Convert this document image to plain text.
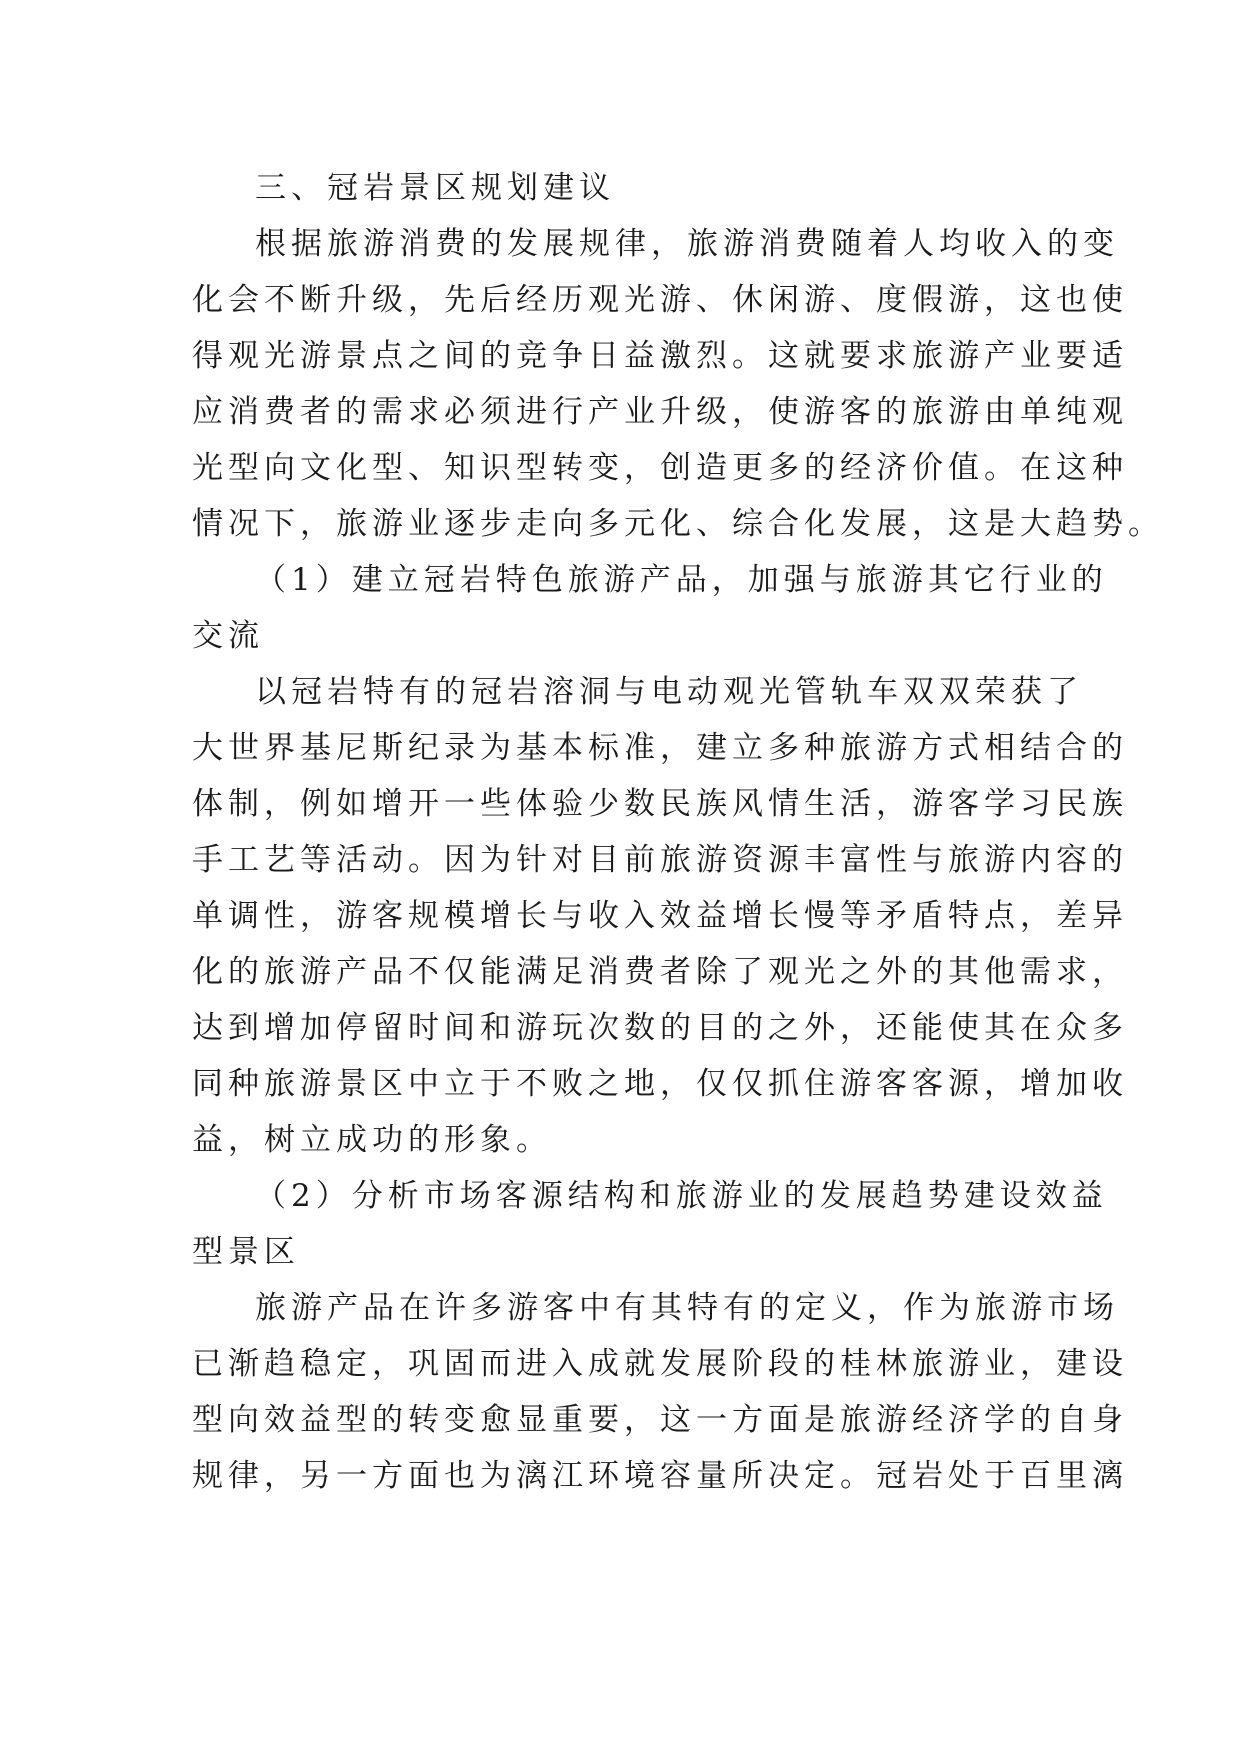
三、冠岩景区规划建议
根据旅游消费的发展规律，旅游消费随着人均收入的变
化会不断升级，先后经历观光游、休闲游、度假游，这也使
得观光游景点之间的竞争日益激烈。这就要求旅游产业要适
应消费者的需求必须进行产业升级，使游客的旅游由单纯观
光型向文化型、知识型转变，创造更多的经济价值。在这种
情况下，旅游业逐步走向多元化、综合化发展，这是大趋势。
（1）建立冠岩特色旅游产品，加强与旅游其它行业的
交流
以冠岩特有的冠岩溶洞与电动观光管轨车双双荣获了
大世界基尼斯纪录为基本标准，建立多种旅游方式相结合的
体制，例如增开一些体验少数民族风情生活，游客学习民族
手工艺等活动。因为针对目前旅游资源丰富性与旅游内容的
单调性，游客规模增长与收入效益增长慢等矛盾特点，差异
化的旅游产品不仅能满足消费者除了观光之外的其他需求，
达到增加停留时间和游玩次数的目的之外，还能使其在众多
同种旅游景区中立于不败之地，仅仅抓住游客客源，增加收
益，树立成功的形象。
（2）分析市场客源结构和旅游业的发展趋势建设效益
型景区
旅游产品在许多游客中有其特有的定义，作为旅游市场
已渐趋稳定，巩固而进入成就发展阶段的桂林旅游业，建设
型向效益型的转变愈显重要，这一方面是旅游经济学的自身
规律，另一方面也为漓江环境容量所决定。冠岩处于百里漓
